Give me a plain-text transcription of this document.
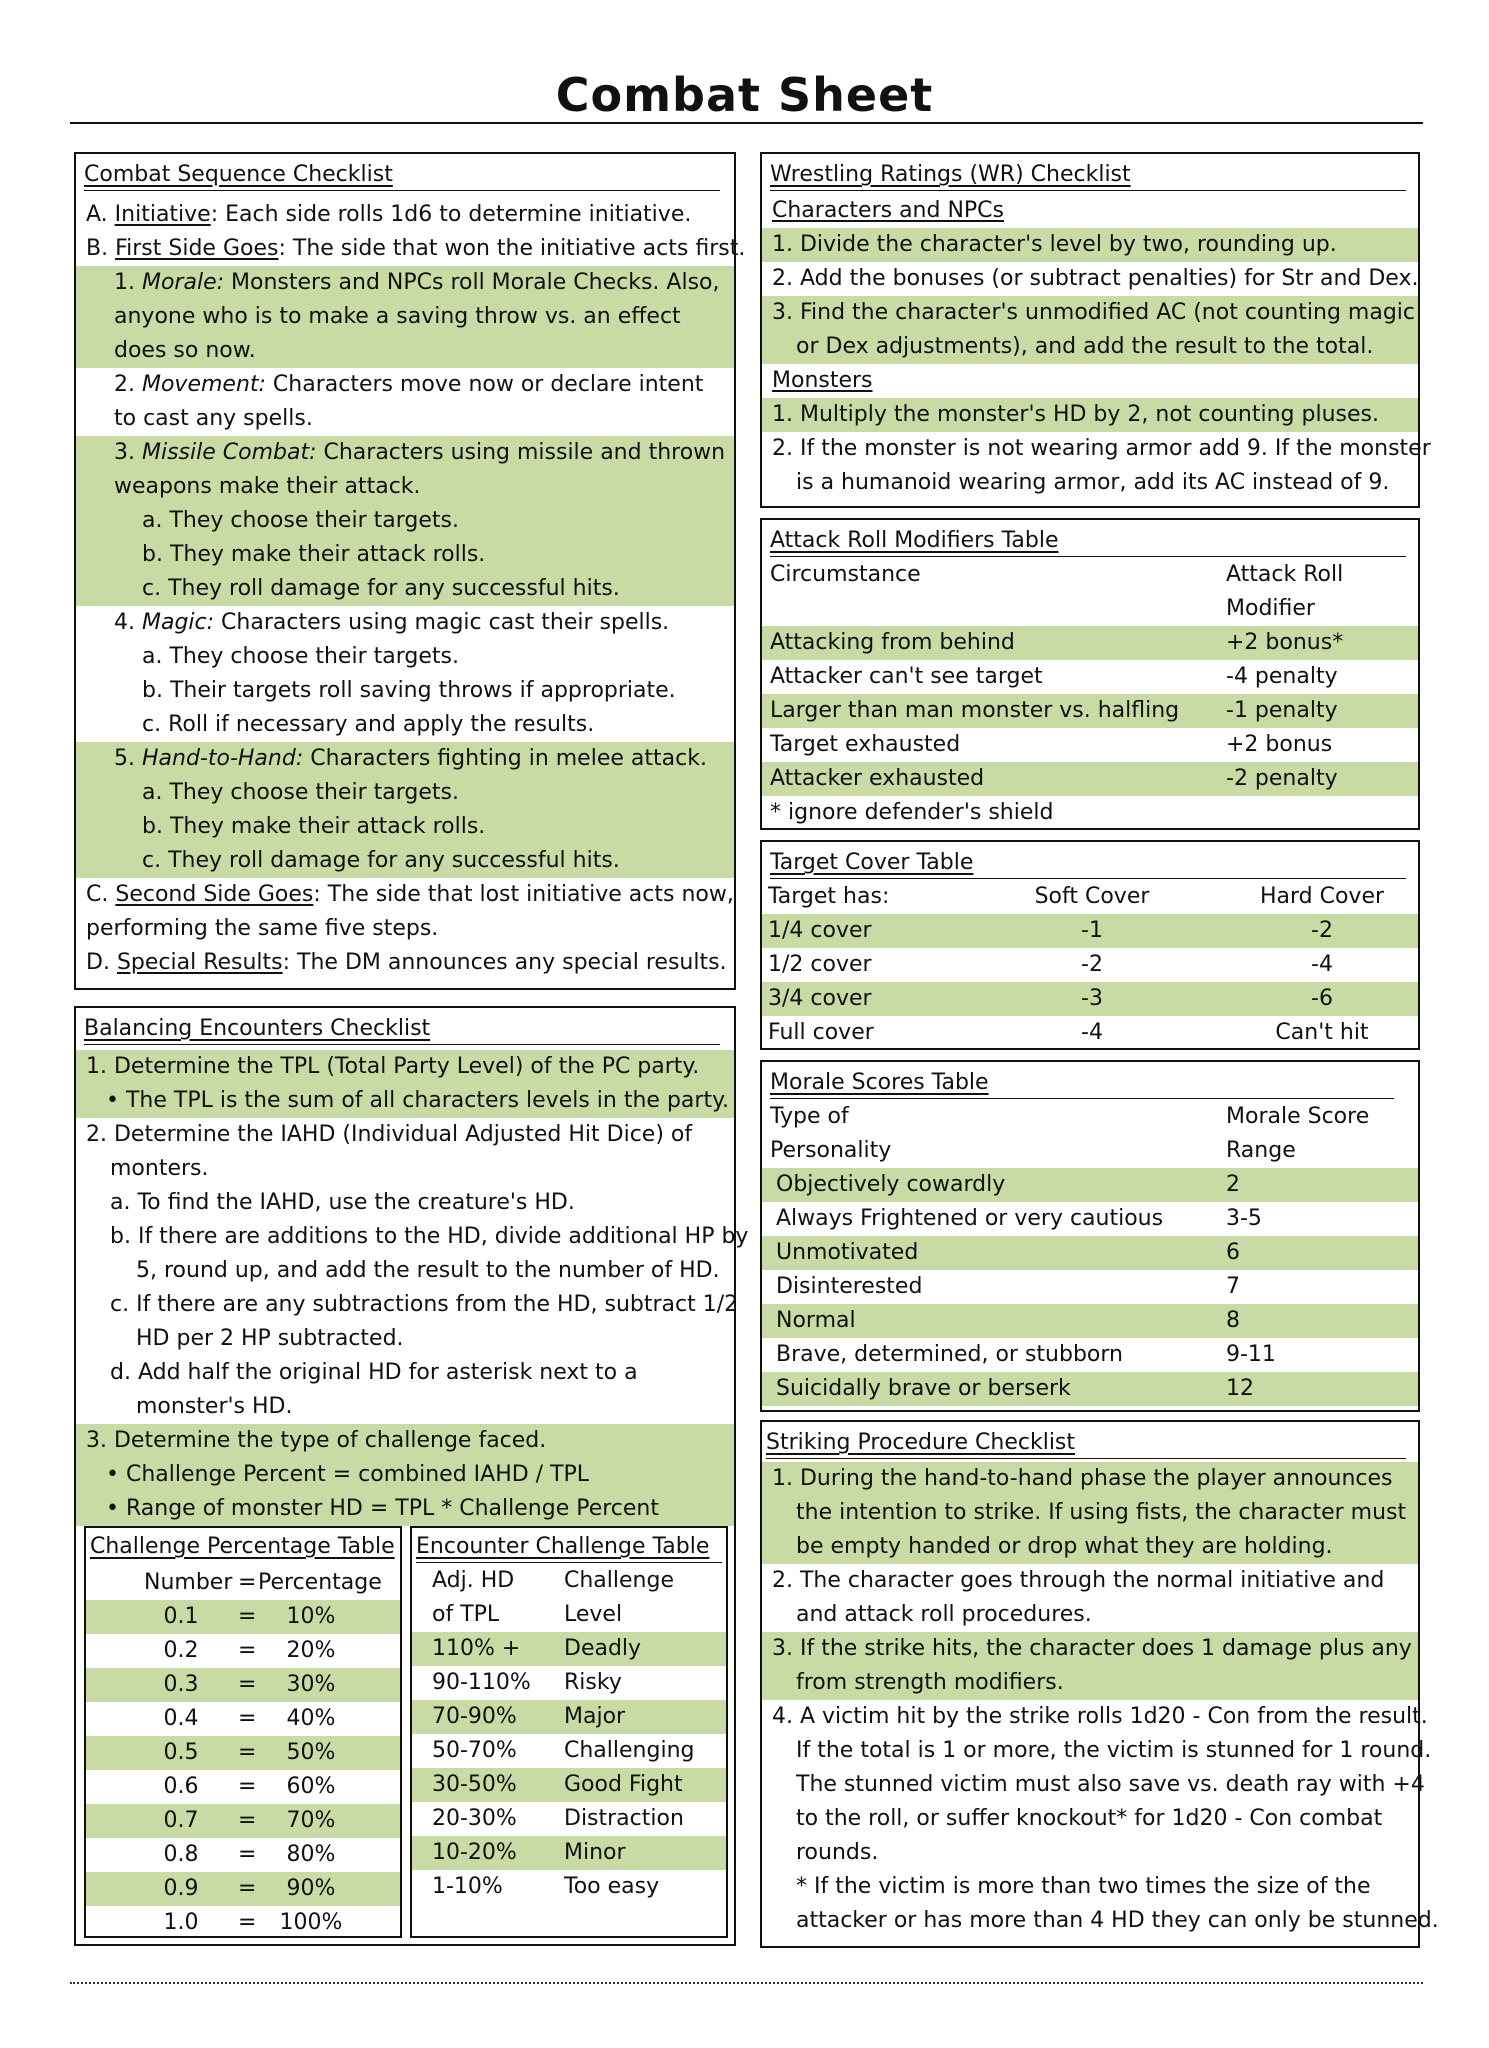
Combat Sheet
Combat Sequence Checklist
A. Initiative: Each side rolls 1d6 to determine initiative.
B. First Side Goes: The side that won the initiative acts first.
1. Morale: Monsters and NPCs roll Morale Checks. Also,
anyone who is to make a saving throw vs. an effect
does so now.
2. Movement: Characters move now or declare intent
to cast any spells.
3. Missile Combat: Characters using missile and thrown
weapons make their attack.
a. They choose their targets.
b. They make their attack rolls.
c. They roll damage for any successful hits.
4. Magic: Characters using magic cast their spells.
a. They choose their targets.
b. Their targets roll saving throws if appropriate.
c. Roll if necessary and apply the results.
5. Hand-to-Hand: Characters fighting in melee attack.
a. They choose their targets.
b. They make their attack rolls.
c. They roll damage for any successful hits.
C. Second Side Goes: The side that lost initiative acts now,
performing the same five steps.
D. Special Results: The DM announces any special results.
Balancing Encounters Checklist
1. Determine the TPL (Total Party Level) of the PC party.
• The TPL is the sum of all characters levels in the party.
2. Determine the IAHD (Individual Adjusted Hit Dice) of
monters.
a. To find the IAHD, use the creature's HD.
b. If there are additions to the HD, divide additional HP by
5, round up, and add the result to the number of HD.
c. If there are any subtractions from the HD, subtract 1/2
HD per 2 HP subtracted.
d. Add half the original HD for asterisk next to a
monster's HD.
3. Determine the type of challenge faced.
• Challenge Percent = combined IAHD / TPL
• Range of monster HD = TPL * Challenge Percent
Challenge Percentage Table
Number = Percentage
0.1	=	10%
0.2	=	20%
0.3	=	30%
0.4	=	40%
0.5	=	50%
0.6	=	60%
0.7	=	70%
0.8	=	80%
0.9	=	90%
1.0	=	100%
Encounter Challenge Table
Adj. HD Challenge
of TPL	Level
110% + Deadly
90-110% Risky
70-90% Major
50-70% Challenging
30-50% Good Fight
20-30% Distraction
10-20% Minor
1-10%	Too easy
Wrestling Ratings (WR) Checklist
Characters and NPCs
1. Divide the character's level by two, rounding up.
2. Add the bonuses (or subtract penalties) for Str and Dex.
3. Find the character's unmodified AC (not counting magic
or Dex adjustments), and add the result to the total.
Monsters
1. Multiply the monster's HD by 2, not counting pluses.
2. If the monster is not wearing armor add 9. If the monster
is a humanoid wearing armor, add its AC instead of 9.
Attack Roll Modifiers Table
Circumstance	Attack Roll
Modifier
Attacking from behind	+2 bonus*
Attacker can't see target	-4 penalty
Larger than man monster vs. halfling -1 penalty
Target exhausted	+2 bonus
Attacker exhausted	-2 penalty
* ignore defender's shield
Target Cover Table
Target has:	Soft Cover	Hard Cover
1/4 cover	-1	-2
1/2 cover	-2	-4
3/4 cover	-3	-6
Full cover	-4	Can't hit
Morale Scores Table
Type of	Morale Score
Personality	Range
Objectively cowardly	2
Always Frightened or very cautious	3-5
Unmotivated	6
Disinterested	7
Normal	8
Brave, determined, or stubborn	9-11
Suicidally brave or berserk	12
Striking Procedure Checklist
1. During the hand-to-hand phase the player announces
the intention to strike. If using fists, the character must
be empty handed or drop what they are holding.
2. The character goes through the normal initiative and
and attack roll procedures.
3. If the strike hits, the character does 1 damage plus any
from strength modifiers.
4. A victim hit by the strike rolls 1d20 - Con from the result.
If the total is 1 or more, the victim is stunned for 1 round.
The stunned victim must also save vs. death ray with +4
to the roll, or suffer knockout* for 1d20 - Con combat
rounds.
* If the victim is more than two times the size of the
attacker or has more than 4 HD they can only be stunned.
